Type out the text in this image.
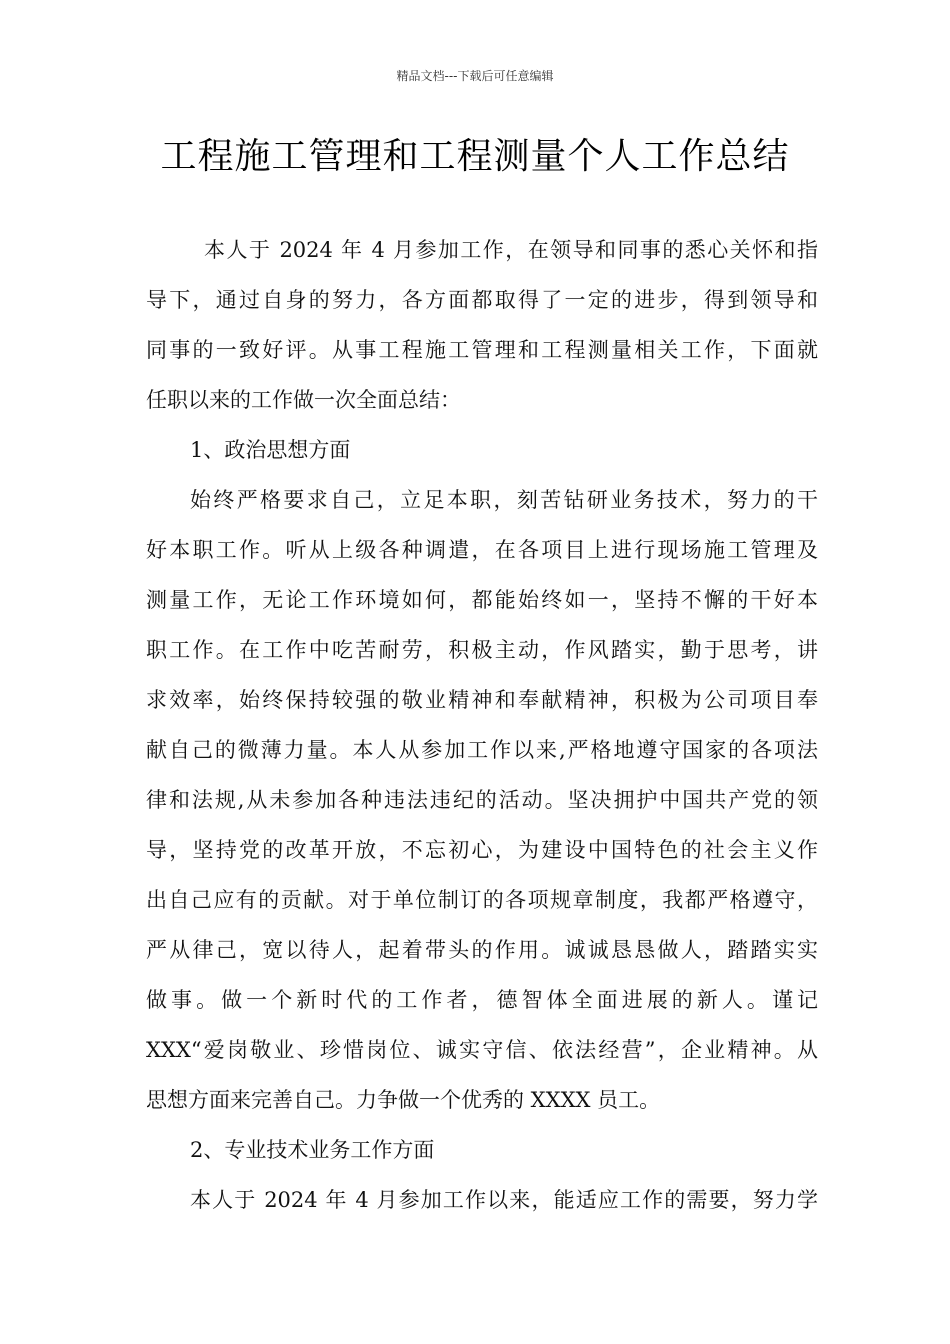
精品文档---下载后可任意编辑
工程施工管理和工程测量个人工作总结
本人于 2024 年 4 月参加工作，在领导和同事的悉心关怀和指
导下，通过自身的努力，各方面都取得了一定的进步，得到领导和
同事的一致好评。从事工程施工管理和工程测量相关工作，下面就
任职以来的工作做一次全面总结：
1、政治思想方面
始终严格要求自己，立足本职，刻苦钻研业务技术，努力的干
好本职工作。听从上级各种调遣，在各项目上进行现场施工管理及
测量工作，无论工作环境如何，都能始终如一，坚持不懈的干好本
职工作。在工作中吃苦耐劳，积极主动，作风踏实，勤于思考，讲
求效率，始终保持较强的敬业精神和奉献精神，积极为公司项目奉
献自己的微薄力量。本人从参加工作以来,严格地遵守国家的各项法
律和法规,从未参加各种违法违纪的活动。坚决拥护中国共产党的领
导，坚持党的改革开放，不忘初心，为建设中国特色的社会主义作
出自己应有的贡献。对于单位制订的各项规章制度，我都严格遵守，
严从律己，宽以待人，起着带头的作用。诚诚恳恳做人，踏踏实实
做事。做一个新时代的工作者，德智体全面进展的新人。谨记
XXX“爱岗敬业、珍惜岗位、诚实守信、依法经营”，企业精神。从
思想方面来完善自己。力争做一个优秀的 XXXX 员工。
2、专业技术业务工作方面
本人于 2024 年 4 月参加工作以来，能适应工作的需要，努力学
